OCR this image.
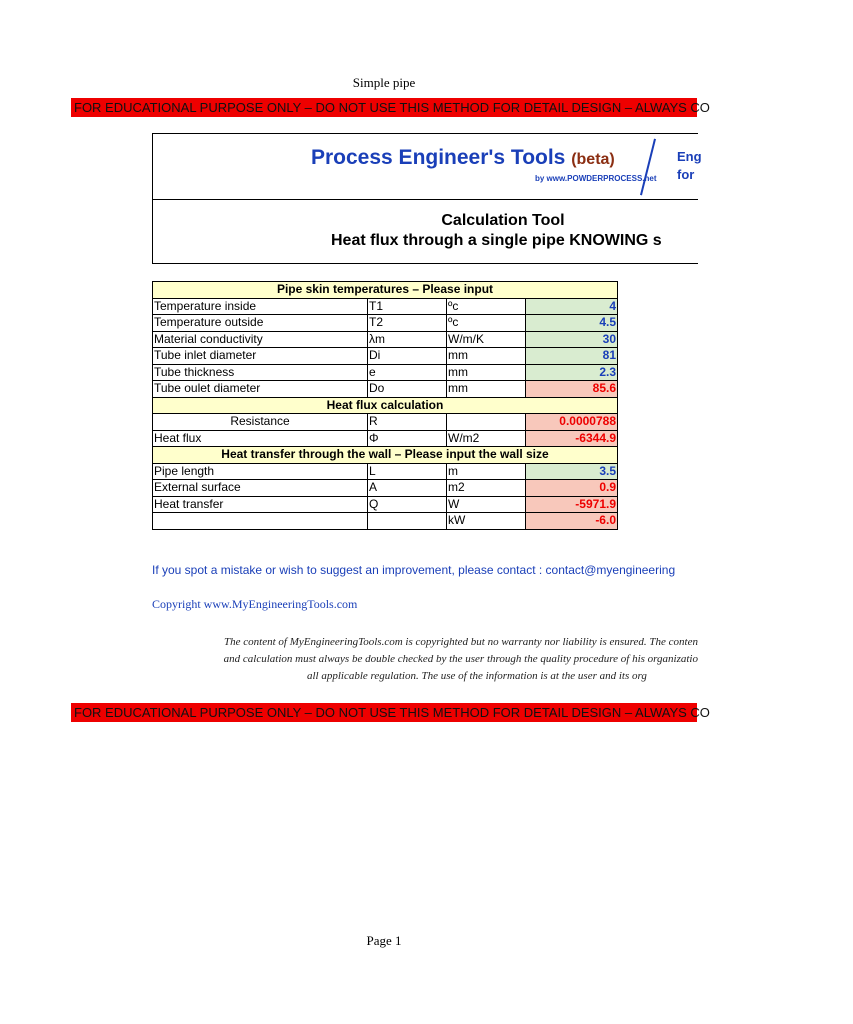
Simple pipe
FOR EDUCATIONAL PURPOSE ONLY – DO NOT USE THIS METHOD FOR DETAIL DESIGN – ALWAYS CO
Process Engineer's Tools (beta)
by www.POWDERPROCESS.net
Eng
for
Calculation Tool
Heat flux through a single pipe KNOWING s
Pipe skin temperatures – Please input			
Temperature inside	T1	ºc	4
Temperature outside	T2	ºc	4.5
Material conductivity	λm	W/m/K	30
Tube inlet diameter	Di	mm	81
Tube thickness	e	mm	2.3
Tube oulet diameter	Do	mm	85.6
Heat flux calculation			
Resistance	R		0.0000788
Heat flux	Φ	W/m2	-6344.9
Heat transfer through the wall – Please input the wall size			
Pipe length	L	m	3.5
External surface	A	m2	0.9
Heat transfer	Q	W	-5971.9
		kW	-6.0
If you spot a mistake or wish to suggest an improvement, please contact : contact@myengineering
Copyright www.MyEngineeringTools.com
The content of MyEngineeringTools.com is copyrighted but no warranty nor liability is ensured. The conten
and calculation must always be double checked by the user through the quality procedure of his organizatio
all applicable regulation. The use of the information is at the user and its org
FOR EDUCATIONAL PURPOSE ONLY – DO NOT USE THIS METHOD FOR DETAIL DESIGN – ALWAYS CO
Page 1
